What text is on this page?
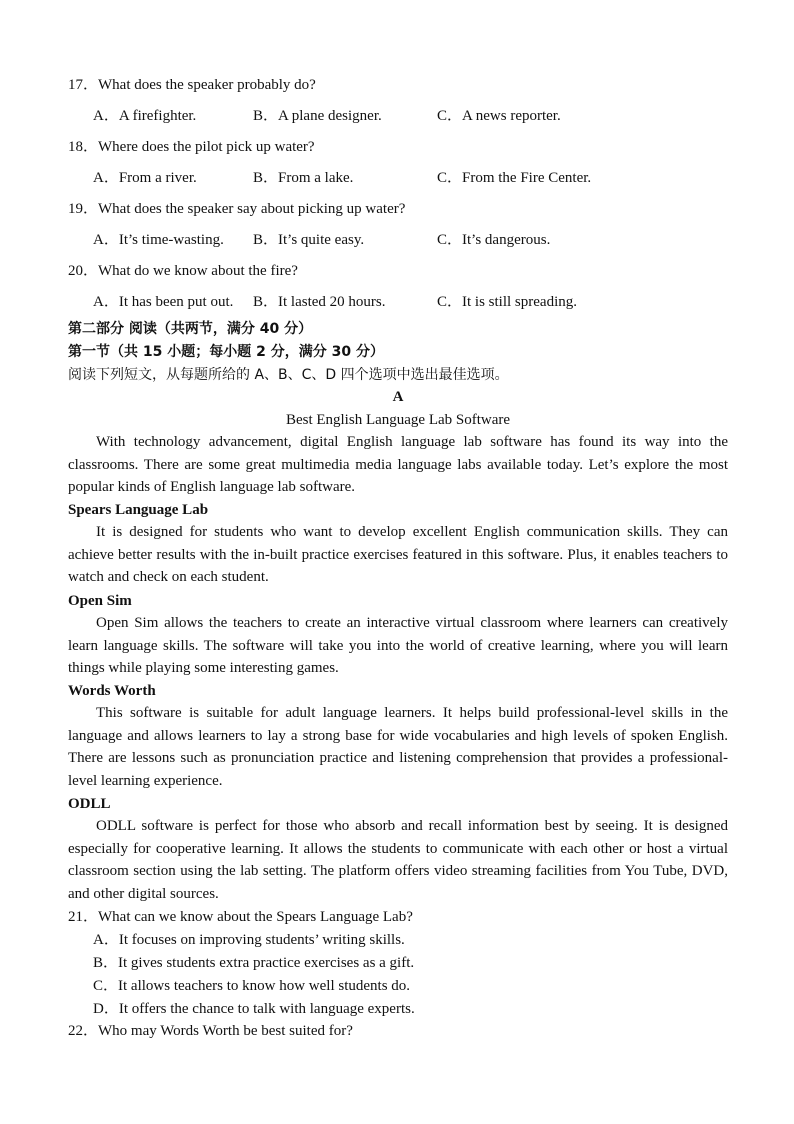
17．What does the speaker probably do?
A．A firefighter.	B．A plane designer.	C．A news reporter.
18．Where does the pilot pick up water?
A．From a river.	B．From a lake.	C．From the Fire Center.
19．What does the speaker say about picking up water?
A．It’s time-wasting. B．It’s quite easy.	C．It’s dangerous.
20．What do we know about the fire?
A．It has been put out. B．It lasted 20 hours.	C．It is still spreading.
第二部分 阅读（共两节，满分 40 分）
第一节（共 15 小题；每小题 2 分，满分 30 分）
阅读下列短文，从每题所给的 A、B、C、D 四个选项中选出最佳选项。
A
Best English Language Lab Software

With technology advancement, digital English language lab software has found its way into the classrooms. There are some great multimedia media language labs available today. Let’s explore the most popular kinds of English language lab software.

Spears Language Lab

It is designed for students who want to develop excellent English communication skills. They can achieve better results with the in-built practice exercises featured in this software. Plus, it enables teachers to watch and check on each student.

Open Sim

Open Sim allows the teachers to create an interactive virtual classroom where learners can creatively learn language skills. The software will take you into the world of creative learning, where you will learn things while playing some interesting games.

Words Worth

This software is suitable for adult language learners. It helps build professional-level skills in the language and allows learners to lay a strong base for wide vocabularies and high levels of spoken English. There are lessons such as pronunciation practice and listening comprehension that provides a professional-level learning experience.

ODLL

ODLL software is perfect for those who absorb and recall information best by seeing. It is designed especially for cooperative learning. It allows the students to communicate with each other or host a virtual classroom section using the lab setting. The platform offers video streaming facilities from You Tube, DVD, and other digital sources.

21．What can we know about the Spears Language Lab?
A．It focuses on improving students’ writing skills.
B．It gives students extra practice exercises as a gift.
C．It allows teachers to know how well students do.
D．It offers the chance to talk with language experts.
22．Who may Words Worth be best suited for?
